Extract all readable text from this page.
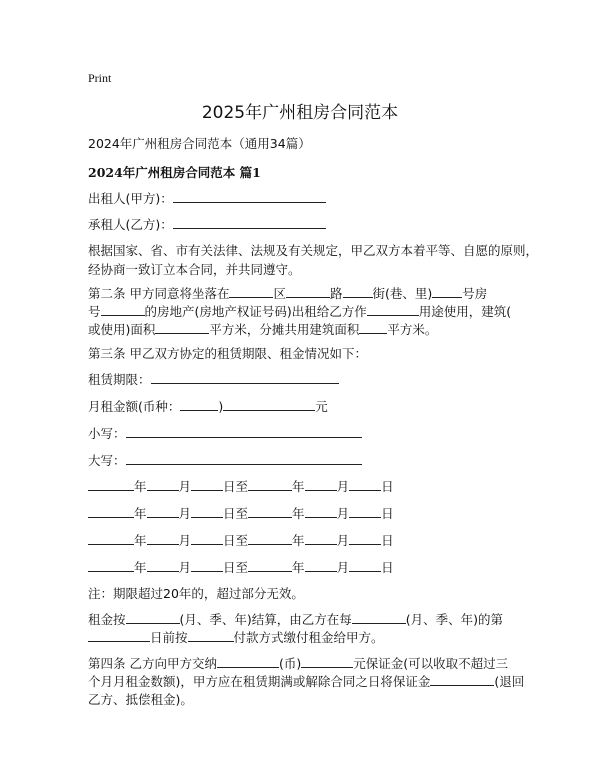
Print
2025年广州租房合同范本
2024年广州租房合同范本（通用34篇）
2024年广州租房合同范本 篇1
出租人(甲方)：
承租人(乙方)：
根据国家、省、市有关法律、法规及有关规定，甲乙双方本着平等、自愿的原则，
经协商一致订立本合同，并共同遵守。
第二条 甲方同意将坐落在	区	路 街(巷、里) 号房
号	的房地产(房地产权证号码)出租给乙方作	用途使用，建筑(
或使用)面积	平方米，分摊共用建筑面积 平方米。
第三条 甲乙双方协定的租赁期限、租金情况如下：
租赁期限：
月租金额(币种：	)	元
小写：
大写：
年	月	日至	年	月	日
年	月	日至	年	月	日
年	月	日至	年	月	日
年	月	日至	年	月	日
注：期限超过20年的，超过部分无效。
租金按	(月、季、年)结算，由乙方在每	(月、季、年)的第
日前按	付款方式缴付租金给甲方。
第四条 乙方向甲方交纳	(币)	元保证金(可以收取不超过三
个月月租金数额)，甲方应在租赁期满或解除合同之日将保证金	(退回
乙方、抵偿租金)。
